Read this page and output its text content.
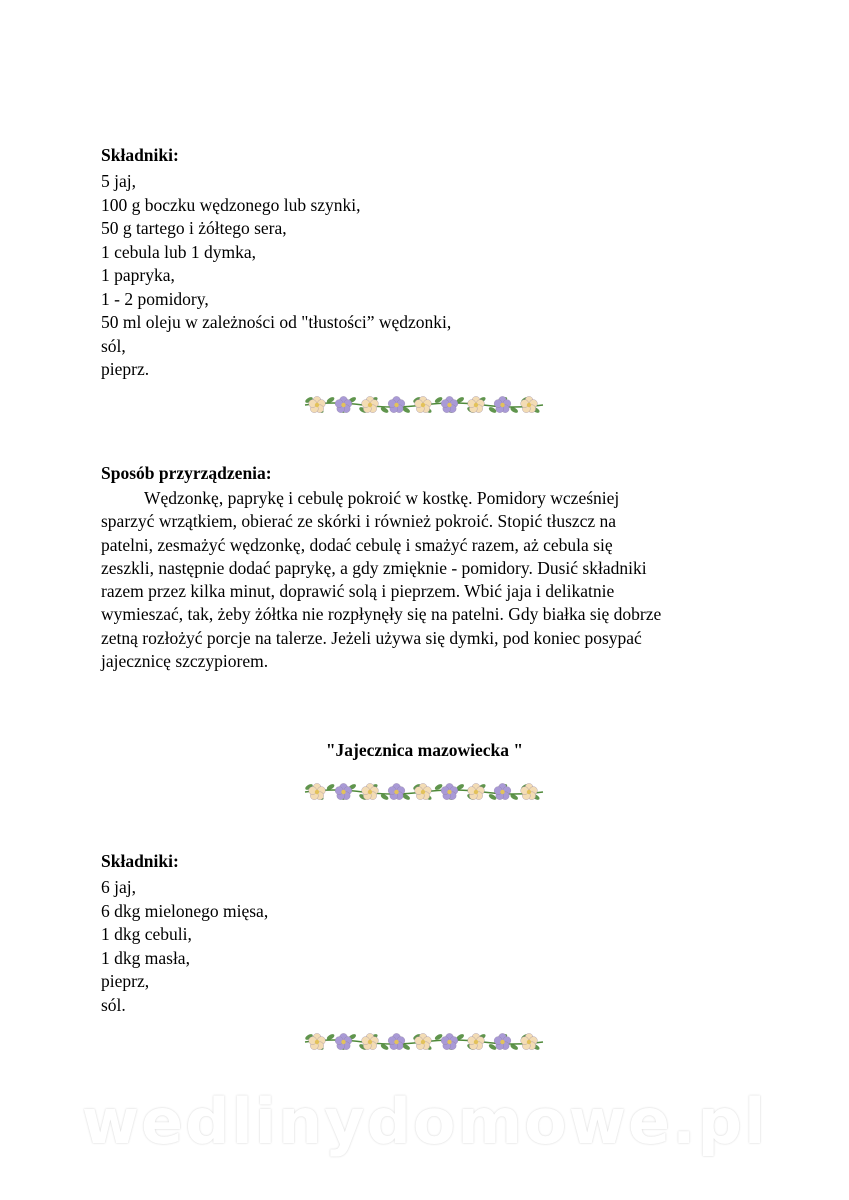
Składniki:
5 jaj,
100 g boczku wędzonego lub szynki,
50 g tartego i żółtego sera,
1 cebula lub 1 dymka,
1 papryka,
1 - 2 pomidory,
50 ml oleju w zależności od "tłustości” wędzonki,
sól,
pieprz.
Sposób przyrządzenia:
Wędzonkę, paprykę i cebulę pokroić w kostkę. Pomidory wcześniej
sparzyć wrzątkiem, obierać ze skórki i również pokroić. Stopić tłuszcz na
patelni, zesmażyć wędzonkę, dodać cebulę i smażyć razem, aż cebula się
zeszkli, następnie dodać paprykę, a gdy zmięknie - pomidory. Dusić składniki
razem przez kilka minut, doprawić solą i pieprzem. Wbić jaja i delikatnie
wymieszać, tak, żeby żółtka nie rozpłynęły się na patelni. Gdy białka się dobrze
zetną rozłożyć porcje na talerze. Jeżeli używa się dymki, pod koniec posypać
jajecznicę szczypiorem.
"Jajecznica mazowiecka "
Składniki:
6 jaj,
6 dkg mielonego mięsa,
1 dkg cebuli,
1 dkg masła,
pieprz,
sól.
wedlinydomowe.pl
